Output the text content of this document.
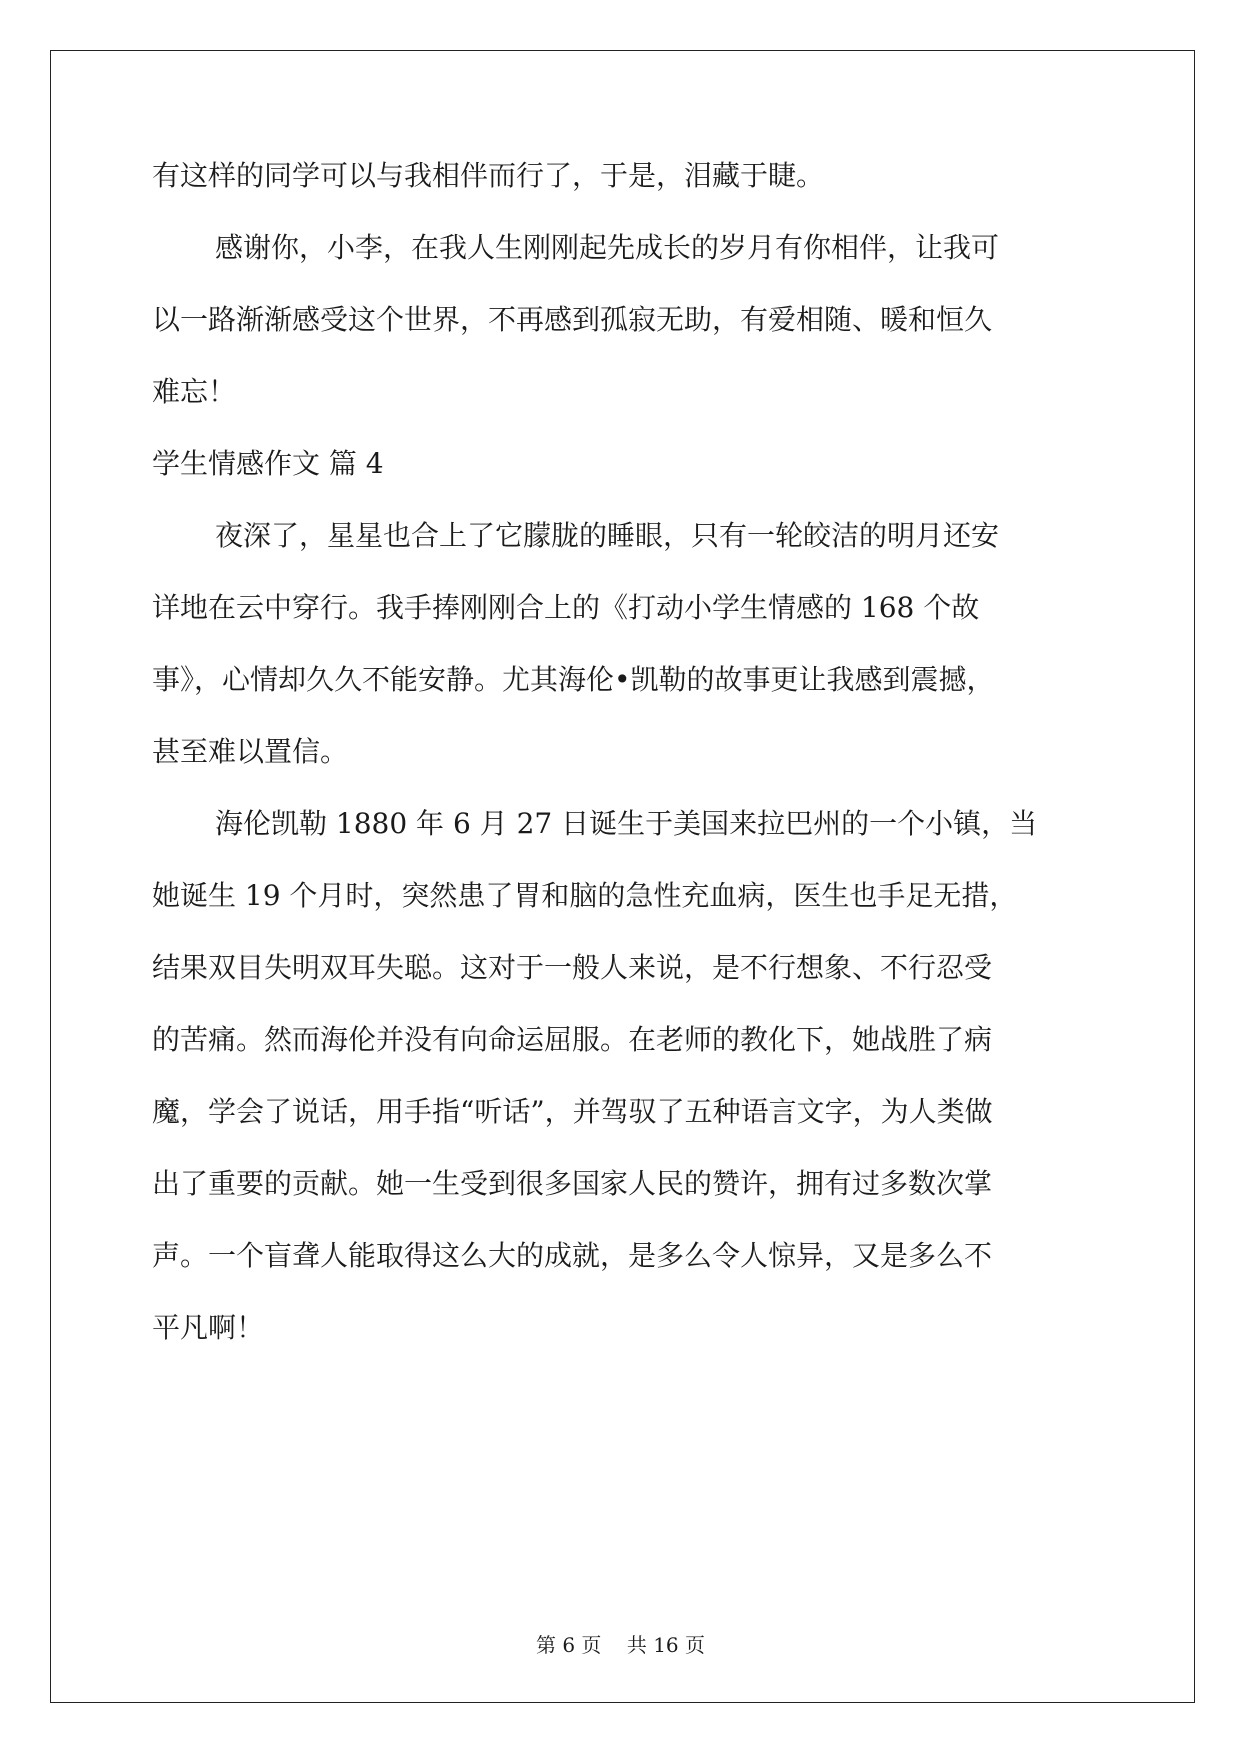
有这样的同学可以与我相伴而行了，于是，泪藏于睫。
感谢你，小李，在我人生刚刚起先成长的岁月有你相伴，让我可
以一路渐渐感受这个世界，不再感到孤寂无助，有爱相随、暖和恒久
难忘！
学生情感作文 篇 4
夜深了，星星也合上了它朦胧的睡眼，只有一轮皎洁的明月还安
详地在云中穿行。我手捧刚刚合上的《打动小学生情感的 168 个故
事》，心情却久久不能安静。尤其海伦•凯勒的故事更让我感到震撼，
甚至难以置信。
海伦凯勒 1880 年 6 月 27 日诞生于美国来拉巴州的一个小镇，当
她诞生 19 个月时，突然患了胃和脑的急性充血病，医生也手足无措，
结果双目失明双耳失聪。这对于一般人来说，是不行想象、不行忍受
的苦痛。然而海伦并没有向命运屈服。在老师的教化下，她战胜了病
魔，学会了说话，用手指“听话”，并驾驭了五种语言文字，为人类做
出了重要的贡献。她一生受到很多国家人民的赞许，拥有过多数次掌
声。一个盲聋人能取得这么大的成就，是多么令人惊异，又是多么不
平凡啊！
第 6 页    共 16 页
